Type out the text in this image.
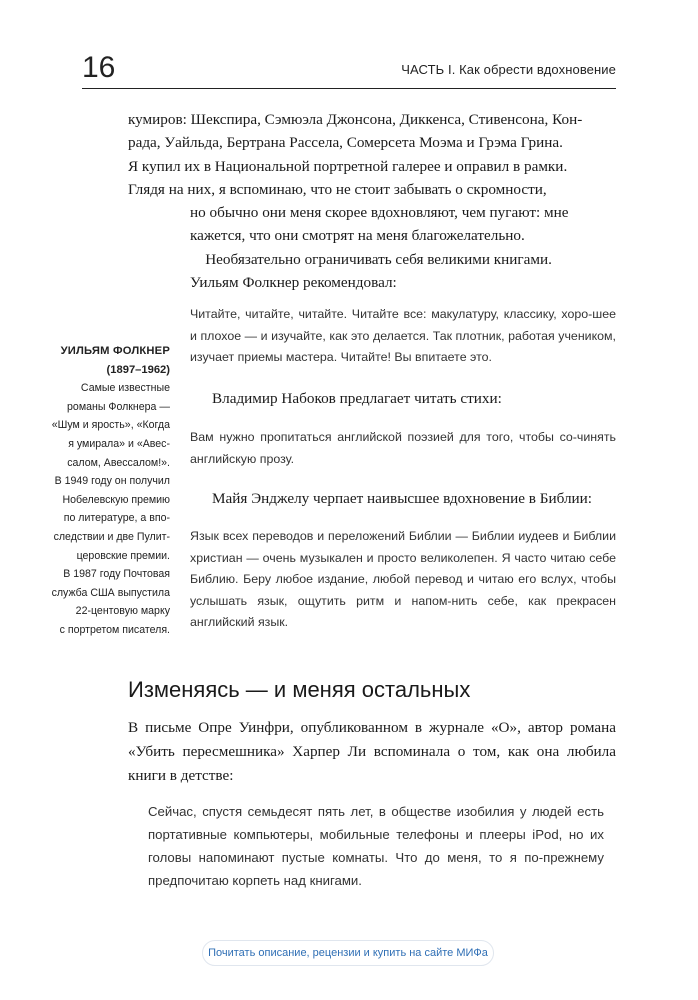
16	ЧАСТЬ I. Как обрести вдохновение
кумиров: Шекспира, Сэмюэла Джонсона, Диккенса, Стивенсона, Кон-
рада, Уайльда, Бертрана Рассела, Сомерсета Моэма и Грэма Грина.
Я купил их в Национальной портретной галерее и оправил в рамки.
Глядя на них, я вспоминаю, что не стоит забывать о скромности,
но обычно они меня скорее вдохновляют, чем пугают: мне
кажется, что они смотрят на меня благожелательно.
Необязательно ограничивать себя великими книгами.
Уильям Фолкнер рекомендовал:

Читайте, читайте, читайте. Читайте все: макулатуру, классику, хоро-шее и плохое — и изучайте, как это делается. Так плотник, работая учеником, изучает приемы мастера. Читайте! Вы впитаете это.

Владимир Набоков предлагает читать стихи:

Вам нужно пропитаться английской поэзией для того, чтобы со-чинять английскую прозу.

Майя Энджелу черпает наивысшее вдохновение в Библии:

Язык всех переводов и переложений Библии — Библии иудеев и Библии христиан — очень музыкален и просто великолепен. Я часто читаю себе Библию. Беру любое издание, любой перевод и читаю его вслух, чтобы услышать язык, ощутить ритм и напом-нить себе, как прекрасен английский язык.

УИЛЬЯМ ФОЛКНЕР
(1897–1962)
Самые известные
романы Фолкнера —
«Шум и ярость», «Когда
я умирала» и «Авес-
салом, Авессалом!».
В 1949 году он получил
Нобелевскую премию
по литературе, а впо-
следствии и две Пулит-
церовские премии.
В 1987 году Почтовая
служба США выпустила
22-центовую марку
с портретом писателя.
Изменяясь — и меняя остальных

В письме Опре Уинфри, опубликованном в журнале «О», автор романа «Убить пересмешника» Харпер Ли вспоминала о том, как она любила книги в детстве:

Сейчас, спустя семьдесят пять лет, в обществе изобилия у людей есть портативные компьютеры, мобильные телефоны и плееры iPod, но их головы напоминают пустые комнаты. Что до меня, то я по-прежнему предпочитаю корпеть над книгами.

Почитать описание, рецензии и купить на сайте МИФа
